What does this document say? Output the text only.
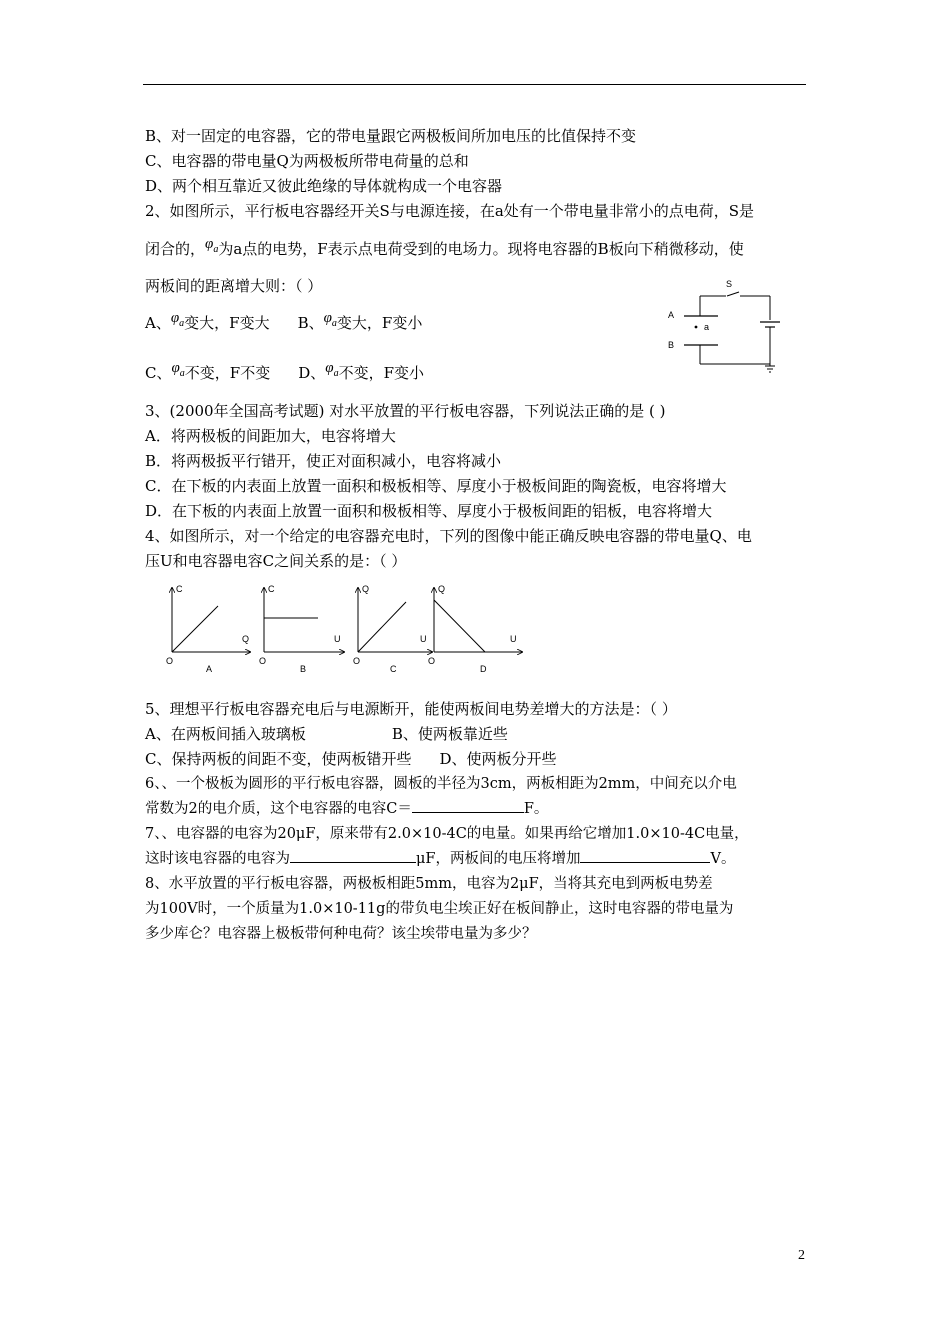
B、对一固定的电容器，它的带电量跟它两极板间所加电压的比值保持不变
C、电容器的带电量Q为两极板所带电荷量的总和
D、两个相互靠近又彼此绝缘的导体就构成一个电容器
2、如图所示，平行板电容器经开关S与电源连接，在a处有一个带电量非常小的点电荷，S是
闭合的，$\varphi_a$为a点的电势，F表示点电荷受到的电场力。现将电容器的B板向下稍微移动，使
两板间的距离增大则：（ ）
A、$\varphi_a$变大，F变大 B、$\varphi_a$变大，F变小
C、$\varphi_a$不变，F不变 D、$\varphi_a$不变，F变小
S
A
B
a
3、(2000年全国高考试题) 对水平放置的平行板电容器，下列说法正确的是 ( )
A．将两极板的间距加大，电容将增大
B．将两极扳平行错开，使正对面积减小，电容将减小
C．在下板的内表面上放置一面积和极板相等、厚度小于极板间距的陶瓷板，电容将增大
D．在下板的内表面上放置一面积和极板相等、厚度小于极板间距的铝板，电容将增大
4、如图所示，对一个给定的电容器充电时，下列的图像中能正确反映电容器的带电量Q、电
压U和电容器电容C之间关系的是：（ ）
C
Q
O
A
C
U
O
B
Q
U
O
C
Q
U
O
D
5、理想平行板电容器充电后与电源断开，能使两板间电势差增大的方法是：（ ）
A、在两板间插入玻璃板	B、使两板靠近些
C、保持两板的间距不变，使两板错开些 D、使两板分开些
6、、一个极板为圆形的平行板电容器，圆板的半径为3cm，两板相距为2mm，中间充以介电
常数为2的电介质，这个电容器的电容C＝	F。
7、、电容器的电容为20μF，原来带有2.0×10-4C的电量。如果再给它增加1.0×10-4C电量，
这时该电容器的电容为	μF，两板间的电压将增加	V。
8、水平放置的平行板电容器，两极板相距5mm，电容为2μF，当将其充电到两板电势差
为100V时，一个质量为1.0×10-11g的带负电尘埃正好在板间静止，这时电容器的带电量为
多少库仑？电容器上极板带何种电荷？该尘埃带电量为多少？
2
